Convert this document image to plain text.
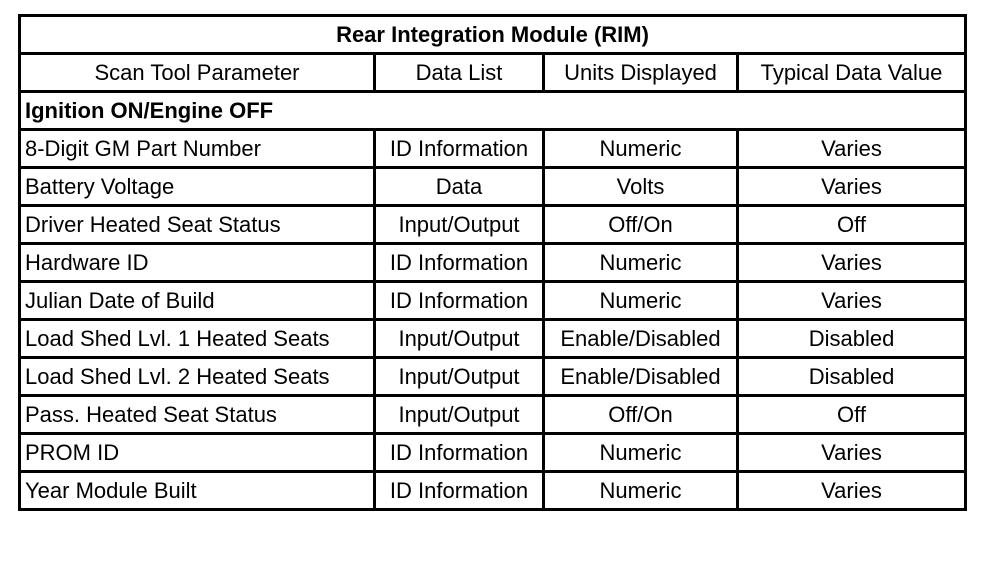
Rear Integration Module (RIM)			
Scan Tool Parameter	Data List	Units Displayed	Typical Data Value
Ignition ON/Engine OFF			
8-Digit GM Part Number	ID Information	Numeric	Varies
Battery Voltage	Data	Volts	Varies
Driver Heated Seat Status	Input/Output	Off/On	Off
Hardware ID	ID Information	Numeric	Varies
Julian Date of Build	ID Information	Numeric	Varies
Load Shed Lvl. 1 Heated Seats	Input/Output	Enable/Disabled	Disabled
Load Shed Lvl. 2 Heated Seats	Input/Output	Enable/Disabled	Disabled
Pass. Heated Seat Status	Input/Output	Off/On	Off
PROM ID	ID Information	Numeric	Varies
Year Module Built	ID Information	Numeric	Varies
